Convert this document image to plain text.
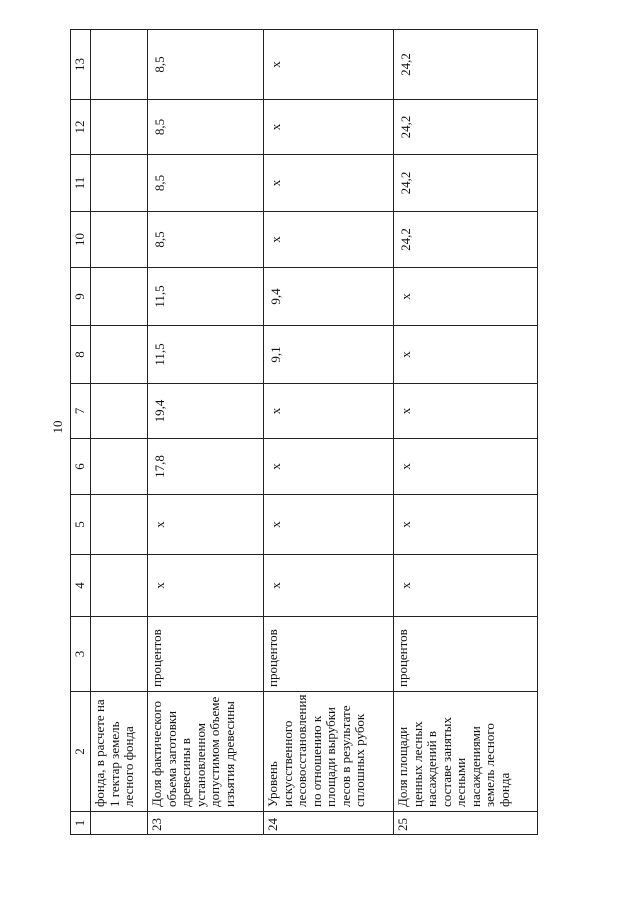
10
1	2	3	4	5	6	7	8	9	10	11	12	13
	фонда, в расчете на 1 гектар земель лесного фонда											
23	Доля фактического объема заготовки древесины в установленном допустимом объеме изъятия древесины	процентов	х	х	17,8	19,4	11,5	11,5	8,5	8,5	8,5	8,5
24	Уровень искусственного лесовосстановления по отношению к площади вырубки лесов в результате сплошных рубок	процентов	х	х	х	х	9,1	9,4	х	х	х	х
25	Доля площади ценных лесных насаждений в составе занятых лесными насаждениями земель лесного фонда	процентов	х	х	х	х	х	х	24,2	24,2	24,2	24,2
